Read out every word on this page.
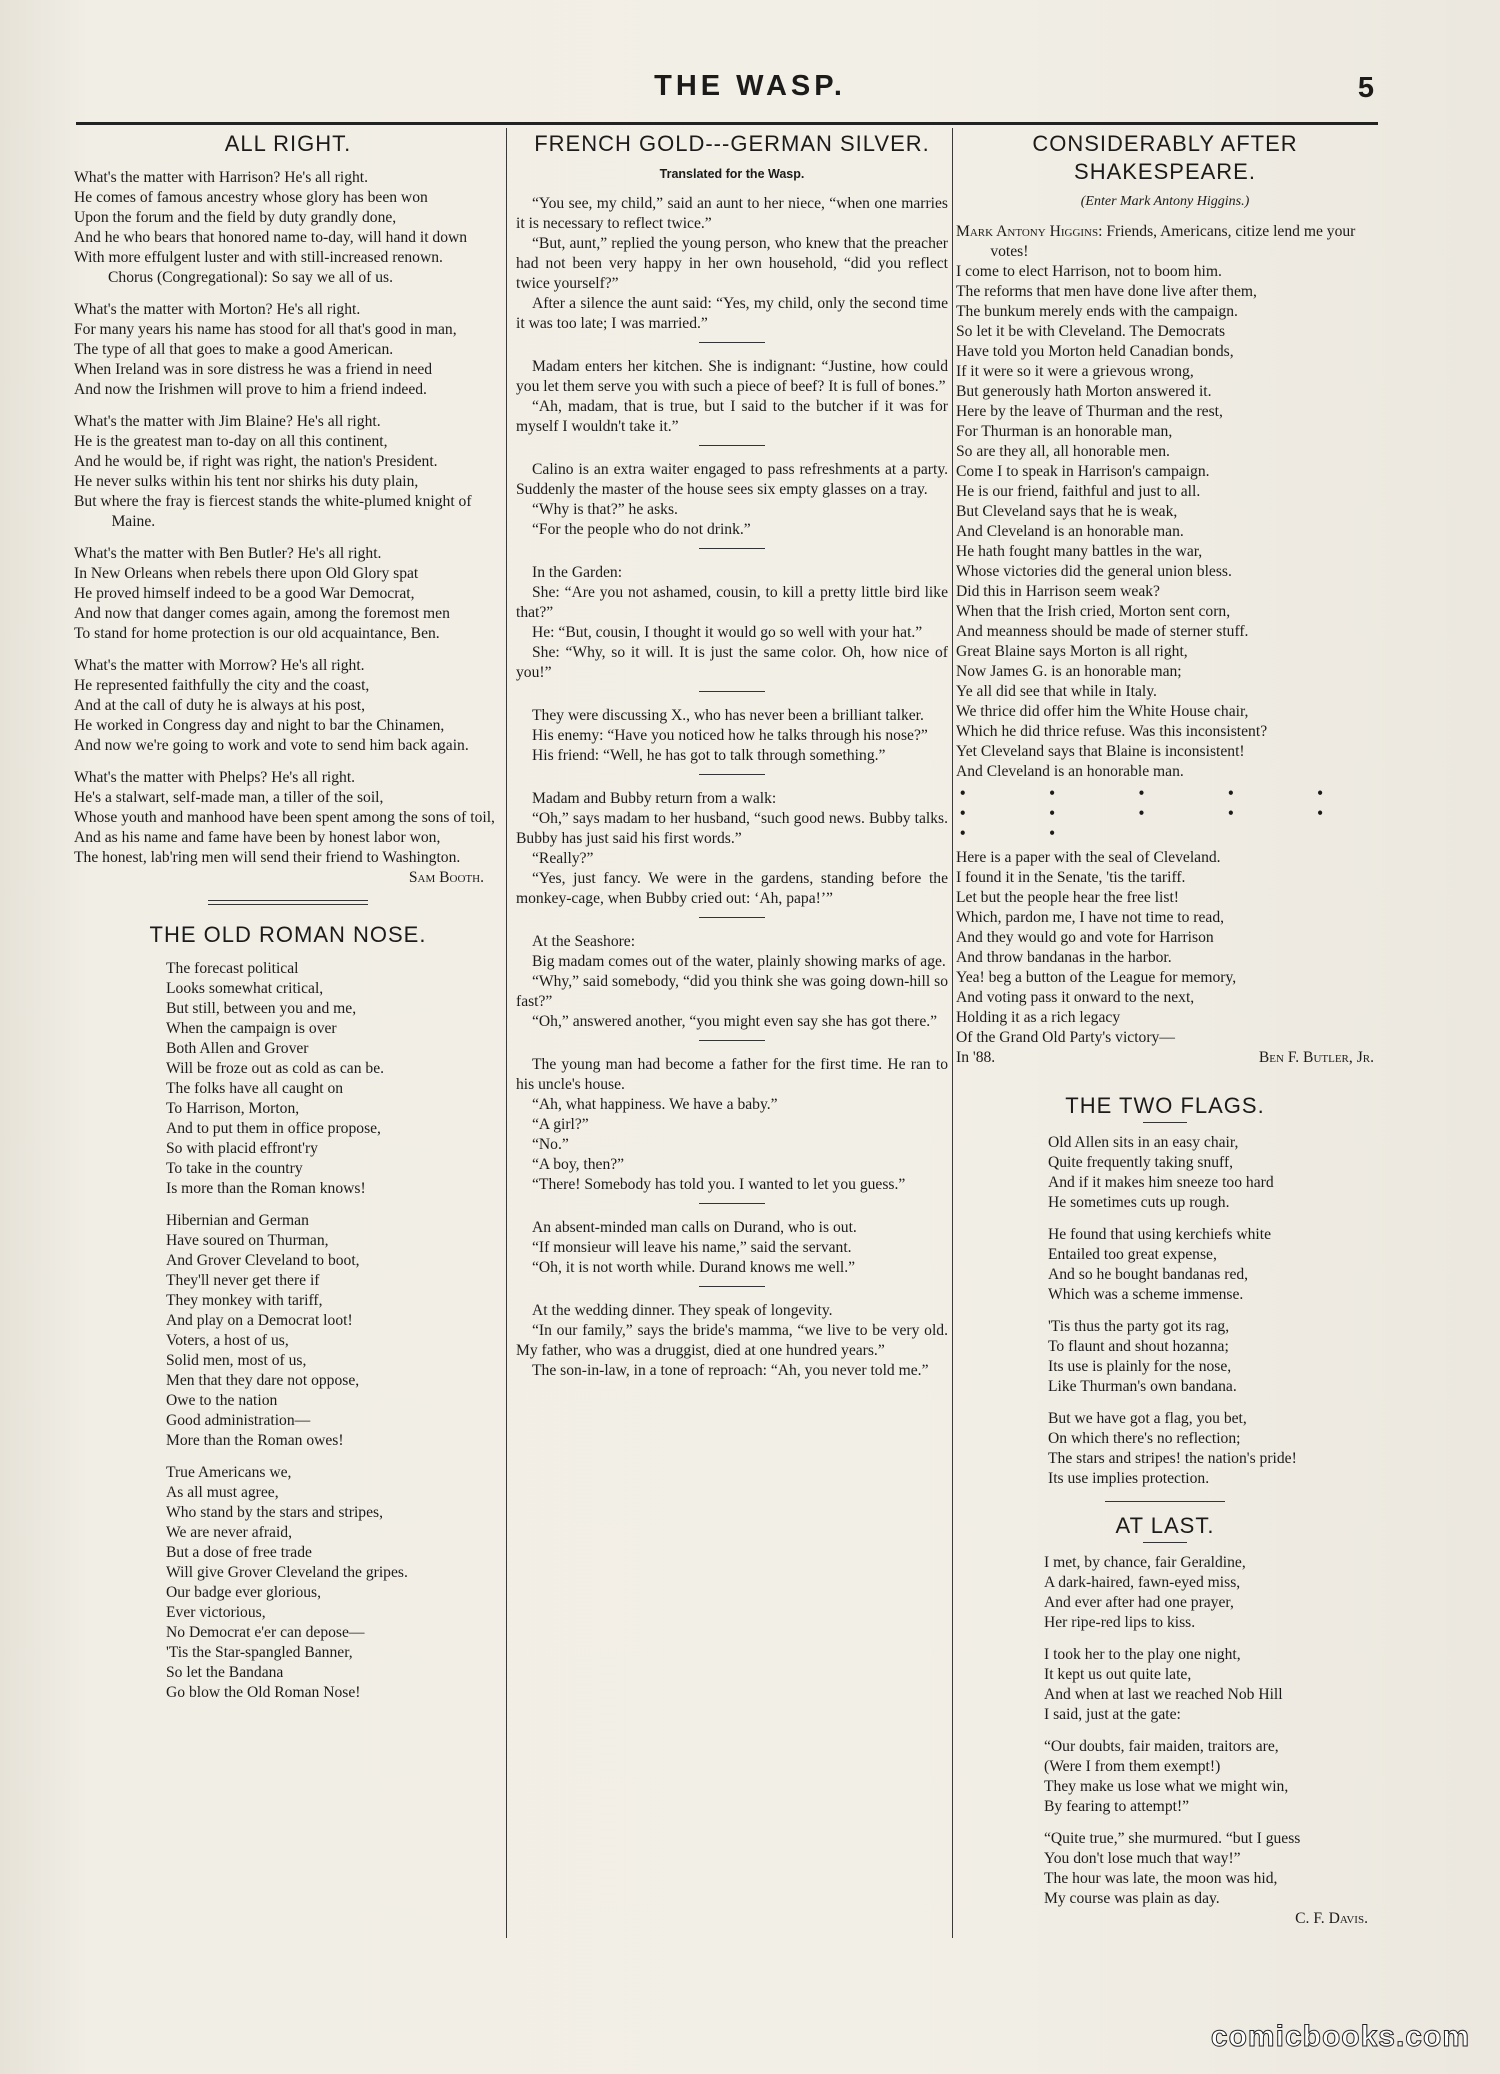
THE WASP.	5
ALL RIGHT.
What's the matter with Harrison? He's all right.
He comes of famous ancestry whose glory has been won
Upon the forum and the field by duty grandly done,
And he who bears that honored name to-day, will hand it down
With more effulgent luster and with still-increased renown.
Chorus (Congregational): So say we all of us.
What's the matter with Morton? He's all right.
For many years his name has stood for all that's good in man,
The type of all that goes to make a good American.
When Ireland was in sore distress he was a friend in need
And now the Irishmen will prove to him a friend indeed.
What's the matter with Jim Blaine? He's all right.
He is the greatest man to-day on all this continent,
And he would be, if right was right, the nation's President.
He never sulks within his tent nor shirks his duty plain,
But where the fray is fiercest stands the white-plumed knight of Maine.
What's the matter with Ben Butler? He's all right.
In New Orleans when rebels there upon Old Glory spat
He proved himself indeed to be a good War Democrat,
And now that danger comes again, among the foremost men
To stand for home protection is our old acquaintance, Ben.
What's the matter with Morrow? He's all right.
He represented faithfully the city and the coast,
And at the call of duty he is always at his post,
He worked in Congress day and night to bar the Chinamen,
And now we're going to work and vote to send him back again.
What's the matter with Phelps? He's all right.
He's a stalwart, self-made man, a tiller of the soil,
Whose youth and manhood have been spent among the sons of toil,
And as his name and fame have been by honest labor won,
The honest, lab'ring men will send their friend to Washington.
Sam Booth.
THE OLD ROMAN NOSE.
The forecast political
Looks somewhat critical,
But still, between you and me,
When the campaign is over
Both Allen and Grover
Will be froze out as cold as can be.
The folks have all caught on
To Harrison, Morton,
And to put them in office propose,
So with placid effront'ry
To take in the country
Is more than the Roman knows!
Hibernian and German
Have soured on Thurman,
And Grover Cleveland to boot,
They'll never get there if
They monkey with tariff,
And play on a Democrat loot!
Voters, a host of us,
Solid men, most of us,
Men that they dare not oppose,
Owe to the nation
Good administration—
More than the Roman owes!
True Americans we,
As all must agree,
Who stand by the stars and stripes,
We are never afraid,
But a dose of free trade
Will give Grover Cleveland the gripes.
Our badge ever glorious,
Ever victorious,
No Democrat e'er can depose—
'Tis the Star-spangled Banner,
So let the Bandana
Go blow the Old Roman Nose!
FRENCH GOLD---GERMAN SILVER.
Translated for the Wasp.

“You see, my child,” said an aunt to her niece, “when one marries it is necessary to reflect twice.”

“But, aunt,” replied the young person, who knew that the preacher had not been very happy in her own household, “did you reflect twice yourself?”

After a silence the aunt said: “Yes, my child, only the second time it was too late; I was married.”

Madam enters her kitchen. She is indignant: “Justine, how could you let them serve you with such a piece of beef? It is full of bones.”

“Ah, madam, that is true, but I said to the butcher if it was for myself I wouldn't take it.”

Calino is an extra waiter engaged to pass refreshments at a party. Suddenly the master of the house sees six empty glasses on a tray.

“Why is that?” he asks.

“For the people who do not drink.”

In the Garden:

She: “Are you not ashamed, cousin, to kill a pretty little bird like that?”

He: “But, cousin, I thought it would go so well with your hat.”

She: “Why, so it will. It is just the same color. Oh, how nice of you!”

They were discussing X., who has never been a brilliant talker.

His enemy: “Have you noticed how he talks through his nose?”

His friend: “Well, he has got to talk through something.”

Madam and Bubby return from a walk:

“Oh,” says madam to her husband, “such good news. Bubby talks. Bubby has just said his first words.”

“Really?”

“Yes, just fancy. We were in the gardens, standing before the monkey-cage, when Bubby cried out: ‘Ah, papa!’”

At the Seashore:

Big madam comes out of the water, plainly showing marks of age.

“Why,” said somebody, “did you think she was going down-hill so fast?”

“Oh,” answered another, “you might even say she has got there.”

The young man had become a father for the first time. He ran to his uncle's house.

“Ah, what happiness. We have a baby.”

“A girl?”

“No.”

“A boy, then?”

“There! Somebody has told you. I wanted to let you guess.”

An absent-minded man calls on Durand, who is out.

“If monsieur will leave his name,” said the servant.

“Oh, it is not worth while. Durand knows me well.”

At the wedding dinner. They speak of longevity.

“In our family,” says the bride's mamma, “we live to be very old. My father, who was a druggist, died at one hundred years.”

The son-in-law, in a tone of reproach: “Ah, you never told me.”

CONSIDERABLY AFTER SHAKESPEARE.
(Enter Mark Antony Higgins.)
Mark Antony Higgins: Friends, Americans, citize lend me your votes!
I come to elect Harrison, not to boom him.
The reforms that men have done live after them,
The bunkum merely ends with the campaign.
So let it be with Cleveland. The Democrats
Have told you Morton held Canadian bonds,
If it were so it were a grievous wrong,
But generously hath Morton answered it.
Here by the leave of Thurman and the rest,
For Thurman is an honorable man,
So are they all, all honorable men.
Come I to speak in Harrison's campaign.
He is our friend, faithful and just to all.
But Cleveland says that he is weak,
And Cleveland is an honorable man.
He hath fought many battles in the war,
Whose victories did the general union bless.
Did this in Harrison seem weak?
When that the Irish cried, Morton sent corn,
And meanness should be made of sterner stuff.
Great Blaine says Morton is all right,
Now James G. is an honorable man;
Ye all did see that while in Italy.
We thrice did offer him the White House chair,
Which he did thrice refuse. Was this inconsistent?
Yet Cleveland says that Blaine is inconsistent!
And Cleveland is an honorable man.
• • • • • • • • • • • •
Here is a paper with the seal of Cleveland.
I found it in the Senate, 'tis the tariff.
Let but the people hear the free list!
Which, pardon me, I have not time to read,
And they would go and vote for Harrison
And throw bandanas in the harbor.
Yea! beg a button of the League for memory,
And voting pass it onward to the next,
Holding it as a rich legacy
Of the Grand Old Party's victory—
In '88.	Ben F. Butler, Jr.
THE TWO FLAGS.
Old Allen sits in an easy chair,
Quite frequently taking snuff,
And if it makes him sneeze too hard
He sometimes cuts up rough.
He found that using kerchiefs white
Entailed too great expense,
And so he bought bandanas red,
Which was a scheme immense.
'Tis thus the party got its rag,
To flaunt and shout hozanna;
Its use is plainly for the nose,
Like Thurman's own bandana.
But we have got a flag, you bet,
On which there's no reflection;
The stars and stripes! the nation's pride!
Its use implies protection.
AT LAST.
I met, by chance, fair Geraldine,
A dark-haired, fawn-eyed miss,
And ever after had one prayer,
Her ripe-red lips to kiss.
I took her to the play one night,
It kept us out quite late,
And when at last we reached Nob Hill
I said, just at the gate:
“Our doubts, fair maiden, traitors are,
(Were I from them exempt!)
They make us lose what we might win,
By fearing to attempt!”
“Quite true,” she murmured. “but I guess
You don't lose much that way!”
The hour was late, the moon was hid,
My course was plain as day.
C. F. Davis.
comicbooks.com
